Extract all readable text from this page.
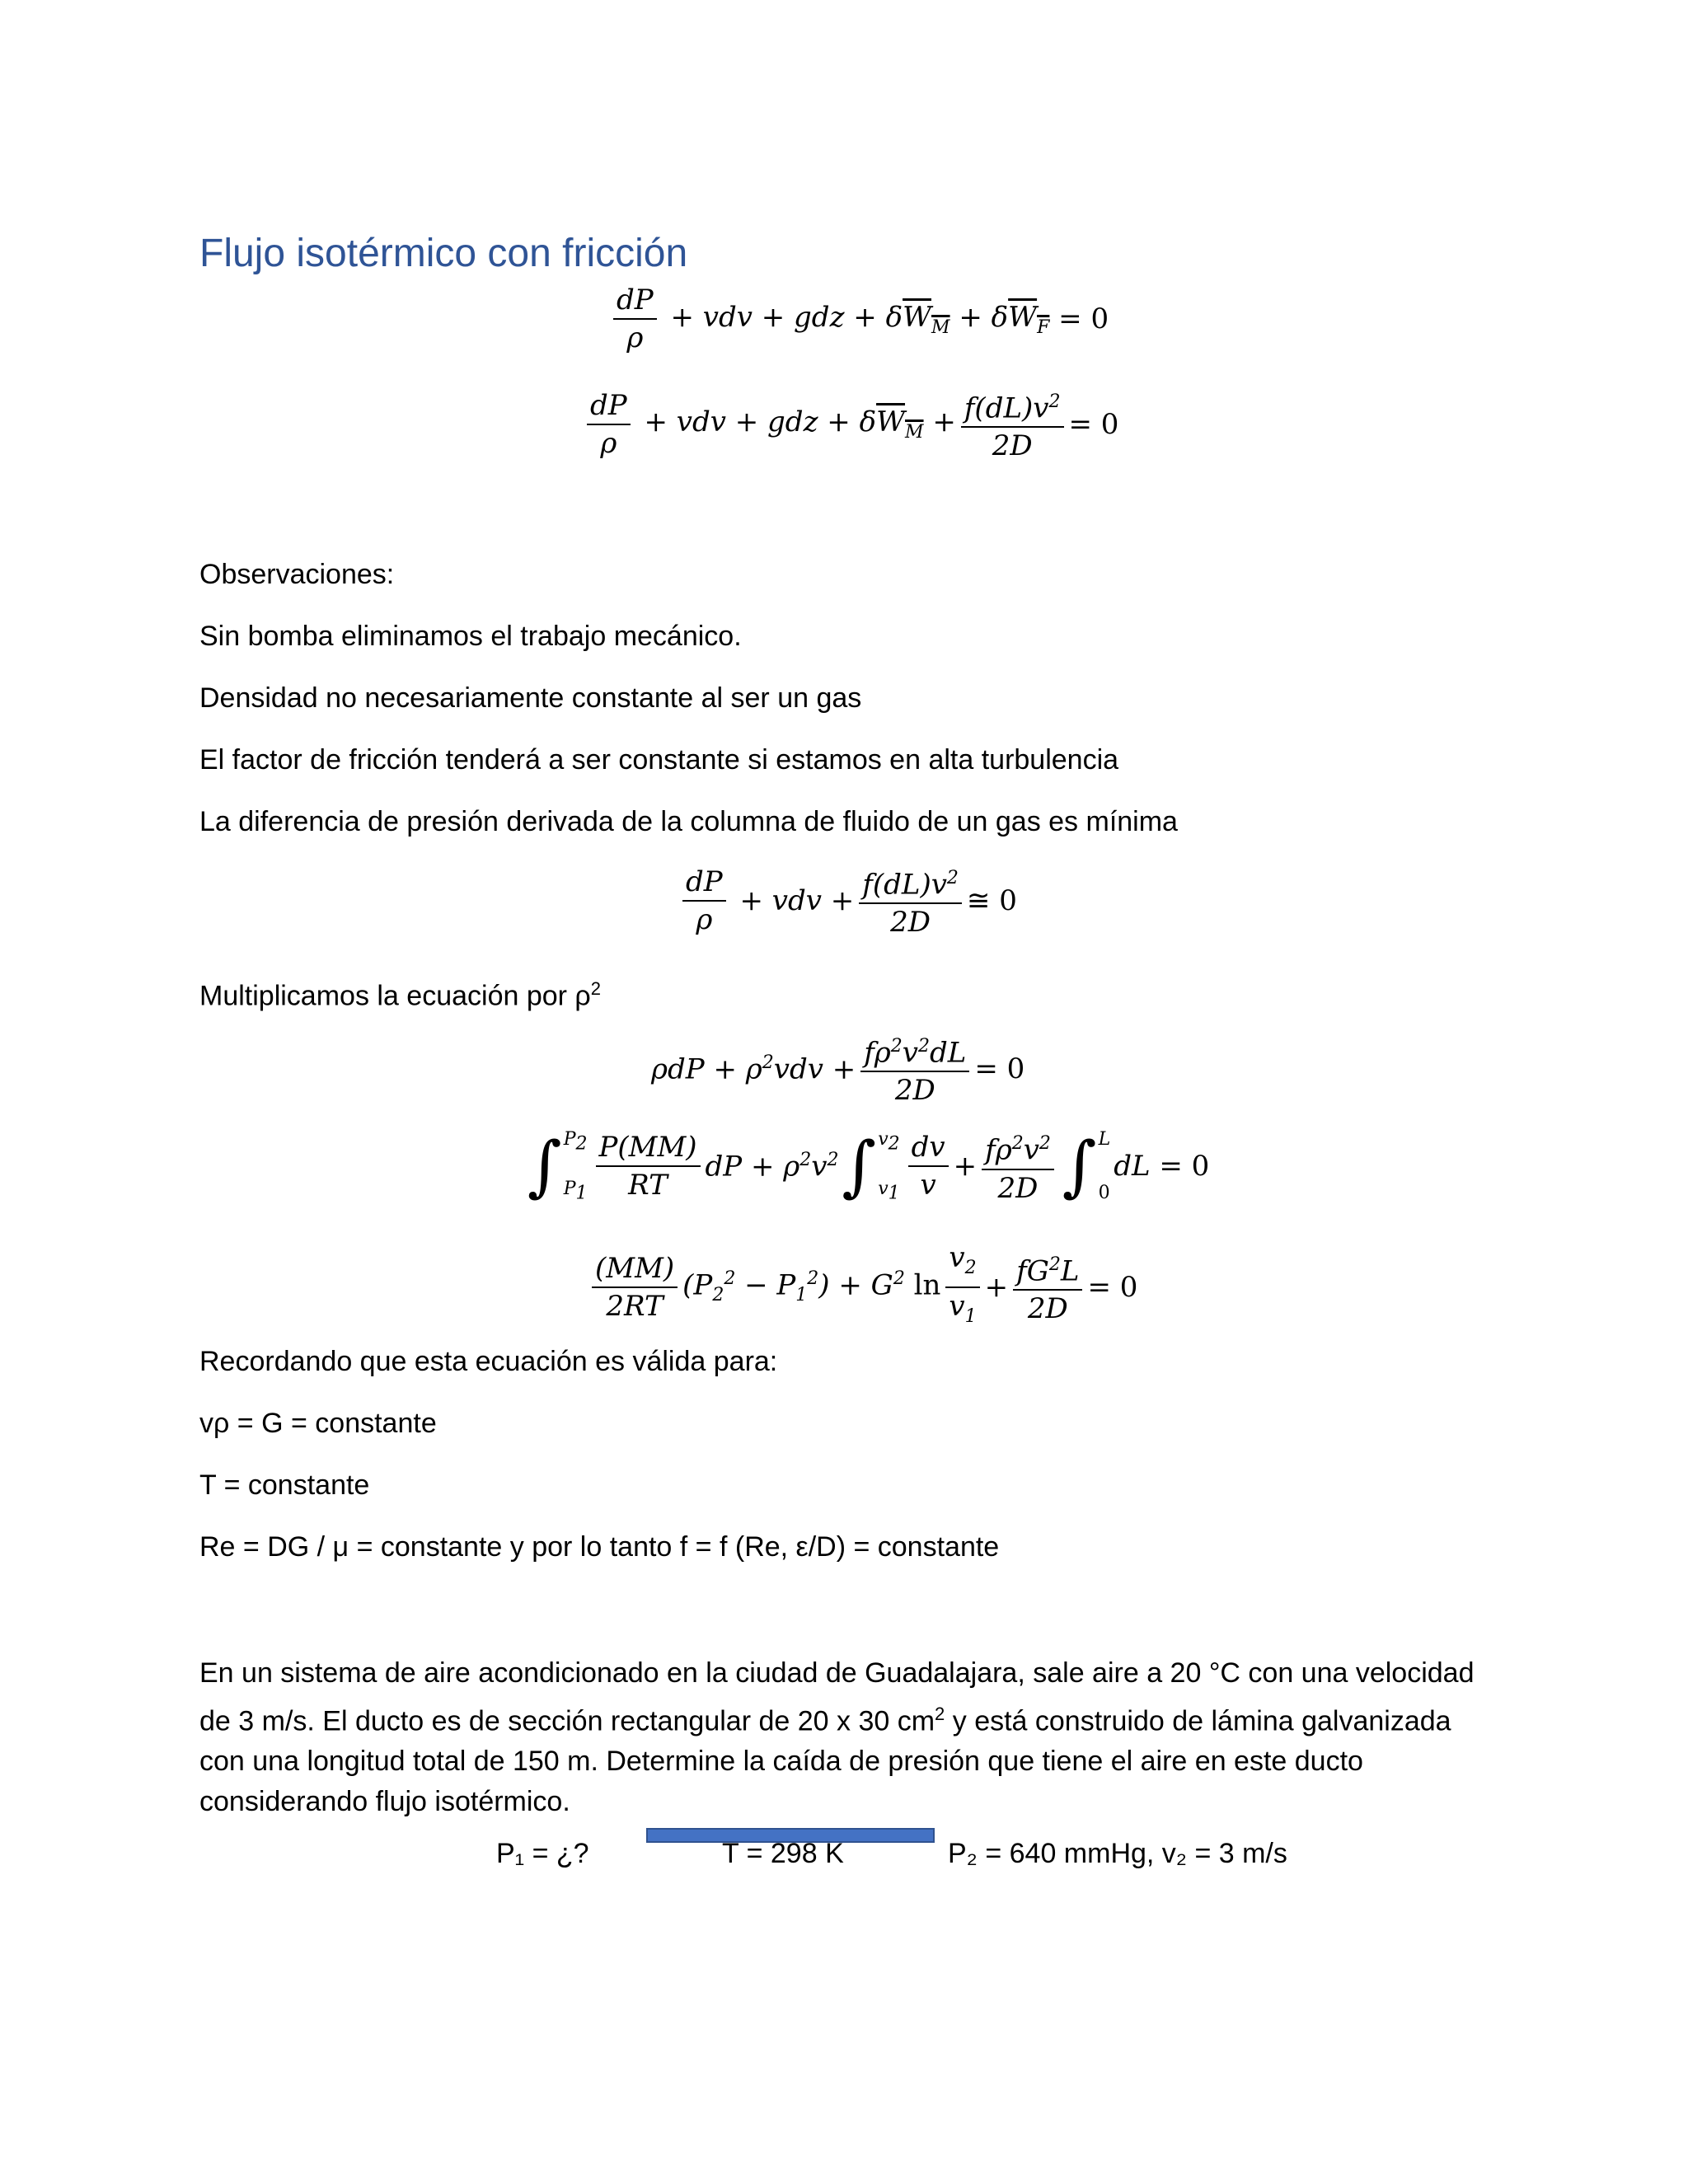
Flujo isotérmico con fricción
$\frac{dP}{\rho}$ + vdv + gdz + $\delta W_M + \delta W_F = 0$
$\frac{dP}{\rho}$ + vdv + gdz + $\delta W_M + \frac{f(dL)v^2}{2D} = 0$
Observaciones:
Sin bomba eliminamos el trabajo mecánico.
Densidad no necesariamente constante al ser un gas
El factor de fricción tenderá a ser constante si estamos en alta turbulencia
La diferencia de presión derivada de la columna de fluido de un gas es mínima
$\frac{dP}{\rho}$ + vdv + $\frac{f(dL)v^2}{2D}$ ≅ 0
Multiplicamos la ecuación por $\rho^2$
$\rho dP + \rho^2vdv + \frac{f\rho^2v^2dL}{2D} = 0$
∫ $P_2$
$P_1 \frac{P(MM)}{RT}$ dP + $\rho^2v^2$ ∫ $v_2$
$v_1 \frac{dv}{v} + \frac{f\rho^2v^2}{2D}$ ∫ L
0
dL = 0
$\frac{(MM)}{2RT} (P_2^2 - P_1^2) + G^2$ $\ln \frac{v_2}{v_1} + \frac{fG^2L}{2D} = 0$
Recordando que esta ecuación es válida para:
vρ = G = constante
T = constante
Re = DG / μ = constante y por lo tanto f = f (Re, ε/D) = constante
En un sistema de aire acondicionado en la ciudad de Guadalajara, sale aire a 20 °C con una velocidad de 3 m/s. El ducto es de sección rectangular de 20 x 30 $cm^2$ y está construido de lámina galvanizada con una longitud total de 150 m. Determine la caída de presión que tiene el aire en este ducto considerando flujo isotérmico.
P₁ = ¿?	T = 298 K	P₂ = 640 mmHg, v₂ = 3 m/s
